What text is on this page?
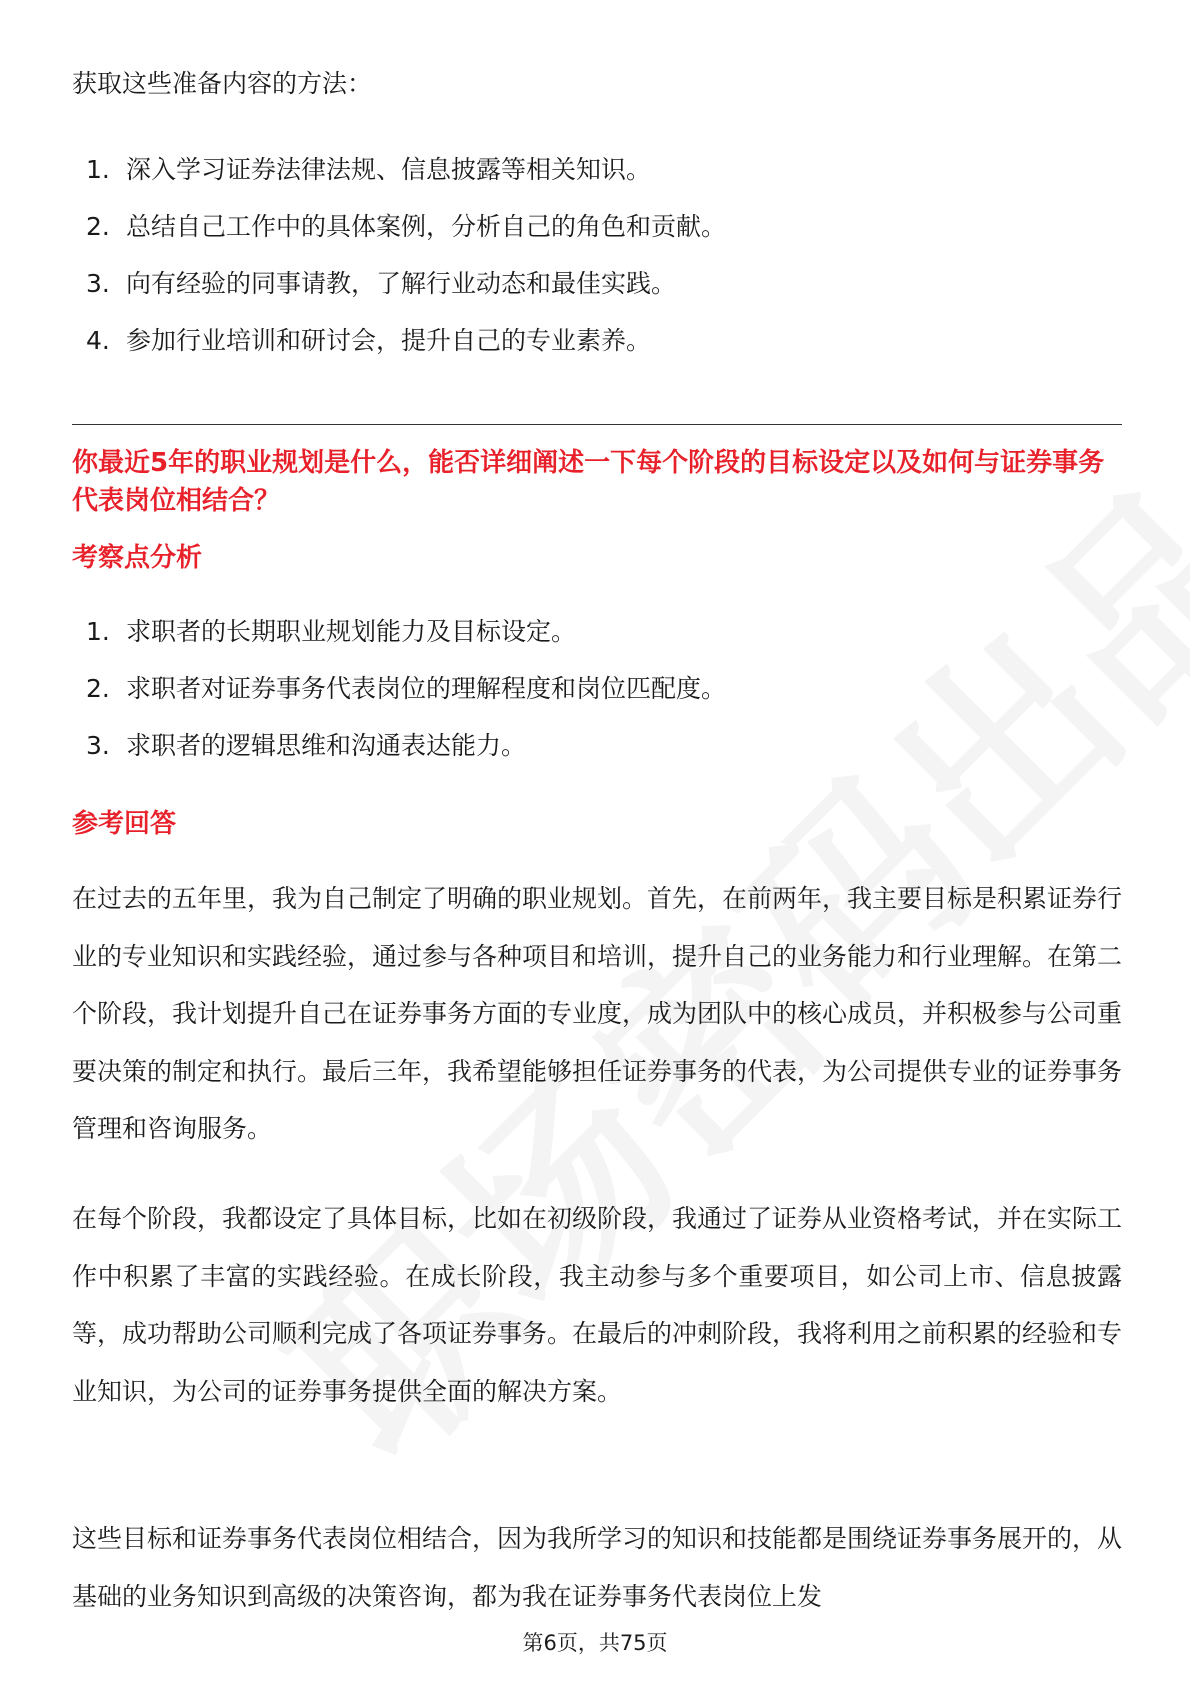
获取这些准备内容的方法：

1. 深入学习证券法律法规、信息披露等相关知识。
2. 总结自己工作中的具体案例，分析自己的角色和贡献。
3. 向有经验的同事请教，了解行业动态和最佳实践。
4. 参加行业培训和研讨会，提升自己的专业素养。
你最近5年的职业规划是什么，能否详细阐述一下每个阶段的目标设定以及如何与证券事务代表岗位相结合？
考察点分析
1. 求职者的长期职业规划能力及目标设定。
2. 求职者对证券事务代表岗位的理解程度和岗位匹配度。
3. 求职者的逻辑思维和沟通表达能力。
参考回答

在过去的五年里，我为自己制定了明确的职业规划。首先，在前两年，我主要目标是积累证券行业的专业知识和实践经验，通过参与各种项目和培训，提升自己的业务能力和行业理解。在第二个阶段，我计划提升自己在证券事务方面的专业度，成为团队中的核心成员，并积极参与公司重要决策的制定和执行。最后三年，我希望能够担任证券事务的代表，为公司提供专业的证券事务管理和咨询服务。

在每个阶段，我都设定了具体目标，比如在初级阶段，我通过了证券从业资格考试，并在实际工作中积累了丰富的实践经验。在成长阶段，我主动参与多个重要项目，如公司上市、信息披露等，成功帮助公司顺利完成了各项证券事务。在最后的冲刺阶段，我将利用之前积累的经验和专业知识，为公司的证券事务提供全面的解决方案。

这些目标和证券事务代表岗位相结合，因为我所学习的知识和技能都是围绕证券事务展开的，从基础的业务知识到高级的决策咨询，都为我在证券事务代表岗位上发

第6页，共75页
